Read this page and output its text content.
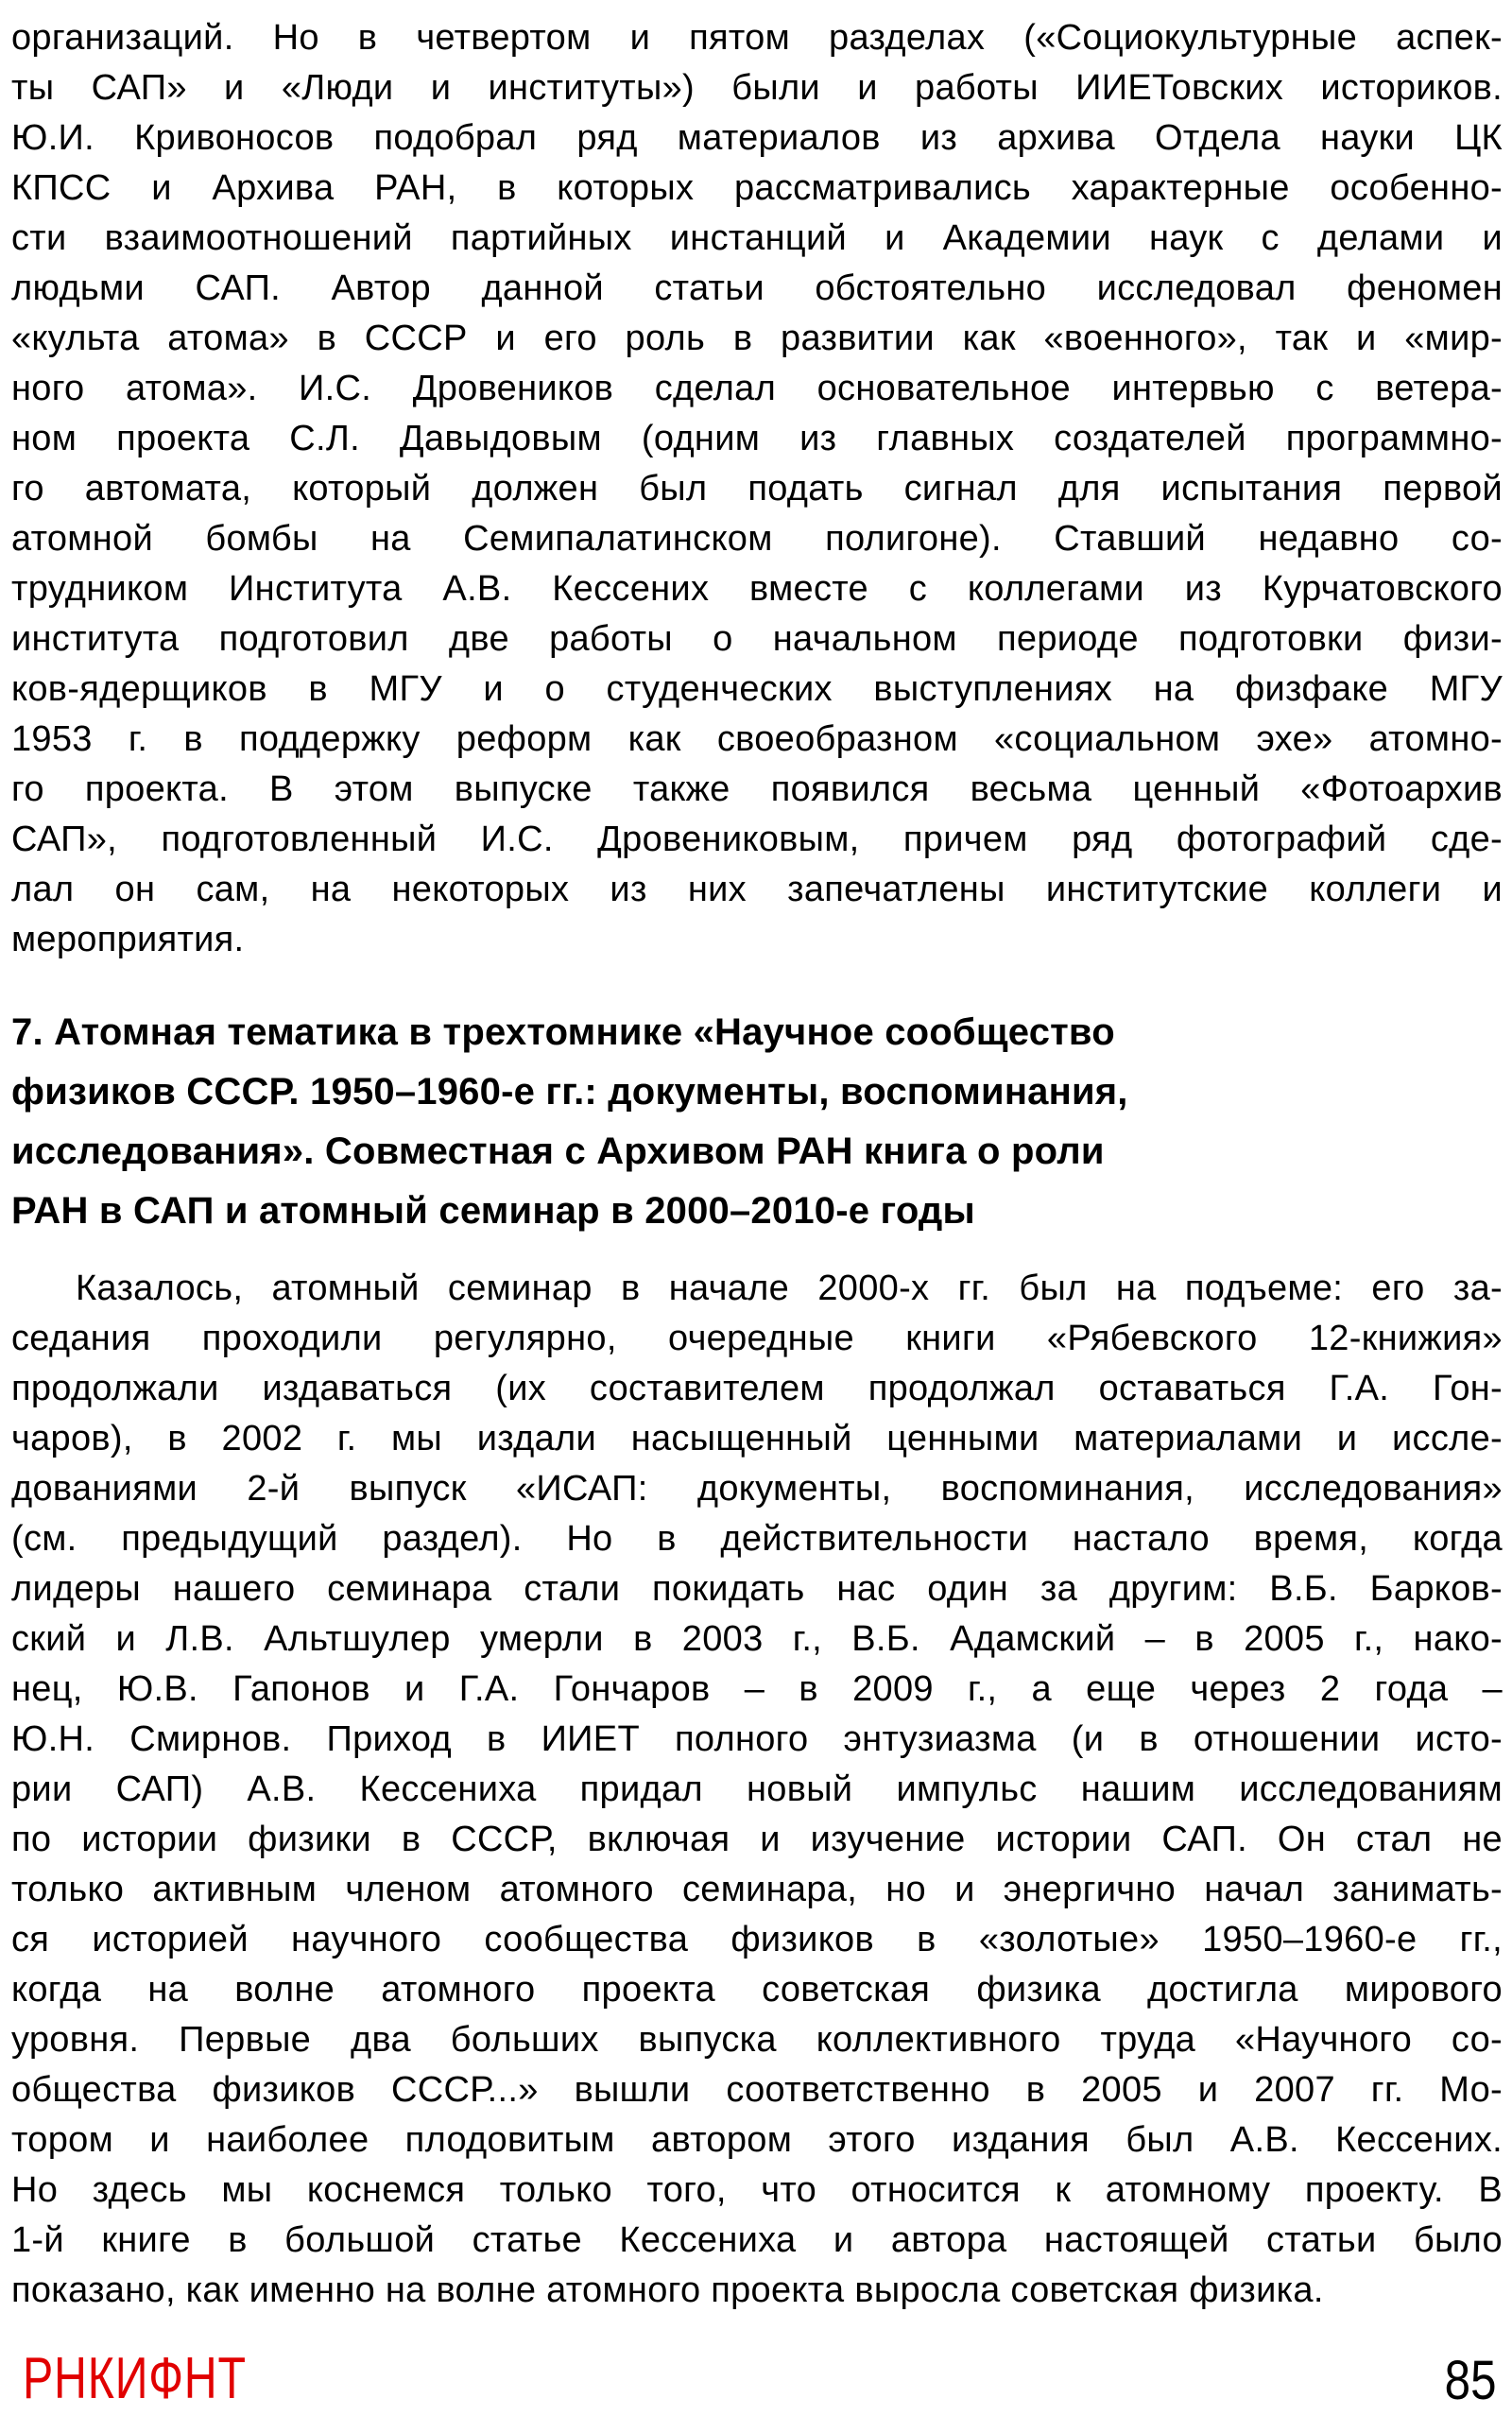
организаций. Но в четвертом и пятом разделах («Социокультурные аспек-
ты САП» и «Люди и институты») были и работы ИИЕТовских историков.
Ю.И. Кривоносов подобрал ряд материалов из архива Отдела науки ЦК
КПСС и Архива РАН, в которых рассматривались характерные особенно-
сти взаимоотношений партийных инстанций и Академии наук с делами и
людьми САП. Автор данной статьи обстоятельно исследовал феномен
«культа атома» в СССР и его роль в развитии как «военного», так и «мир-
ного атома». И.С. Дровеников сделал основательное интервью с ветера-
ном проекта С.Л. Давыдовым (одним из главных создателей программно-
го автомата, который должен был подать сигнал для испытания первой
атомной бомбы на Семипалатинском полигоне). Ставший недавно со-
трудником Института А.В. Кессених вместе с коллегами из Курчатовского
института подготовил две работы о начальном периоде подготовки физи-
ков-ядерщиков в МГУ и о студенческих выступлениях на физфаке МГУ
1953 г. в поддержку реформ как своеобразном «социальном эхе» атомно-
го проекта. В этом выпуске также появился весьма ценный «Фотоархив
САП», подготовленный И.С. Дровениковым, причем ряд фотографий сде-
лал он сам, на некоторых из них запечатлены институтские коллеги и
мероприятия.
7. Атомная тематика в трехтомнике «Научное сообщество
физиков СССР. 1950–1960-е гг.: документы, воспоминания,
исследования». Совместная с Архивом РАН книга о роли
РАН в САП и атомный семинар в 2000–2010-е годы
Казалось, атомный семинар в начале 2000-х гг. был на подъеме: его за-
седания проходили регулярно, очередные книги «Рябевского 12-книжия»
продолжали издаваться (их составителем продолжал оставаться Г.А. Гон-
чаров), в 2002 г. мы издали насыщенный ценными материалами и иссле-
дованиями 2-й выпуск «ИСАП: документы, воспоминания, исследования»
(см. предыдущий раздел). Но в действительности настало время, когда
лидеры нашего семинара стали покидать нас один за другим: В.Б. Барков-
ский и Л.В. Альтшулер умерли в 2003 г., В.Б. Адамский – в 2005 г., нако-
нец, Ю.В. Гапонов и Г.А. Гончаров – в 2009 г., а еще через 2 года –
Ю.Н. Смирнов. Приход в ИИЕТ полного энтузиазма (и в отношении исто-
рии САП) А.В. Кессениха придал новый импульс нашим исследованиям
по истории физики в СССР, включая и изучение истории САП. Он стал не
только активным членом атомного семинара, но и энергично начал занимать-
ся историей научного сообщества физиков в «золотые» 1950–1960-е гг.,
когда на волне атомного проекта советская физика достигла мирового
уровня. Первые два больших выпуска коллективного труда «Научного со-
общества физиков СССР...» вышли соответственно в 2005 и 2007 гг. Мо-
тором и наиболее плодовитым автором этого издания был А.В. Кессених.
Но здесь мы коснемся только того, что относится к атомному проекту. В
1-й книге в большой статье Кессениха и автора настоящей статьи было
показано, как именно на волне атомного проекта выросла советская физика.
РНКИФНТ	85
